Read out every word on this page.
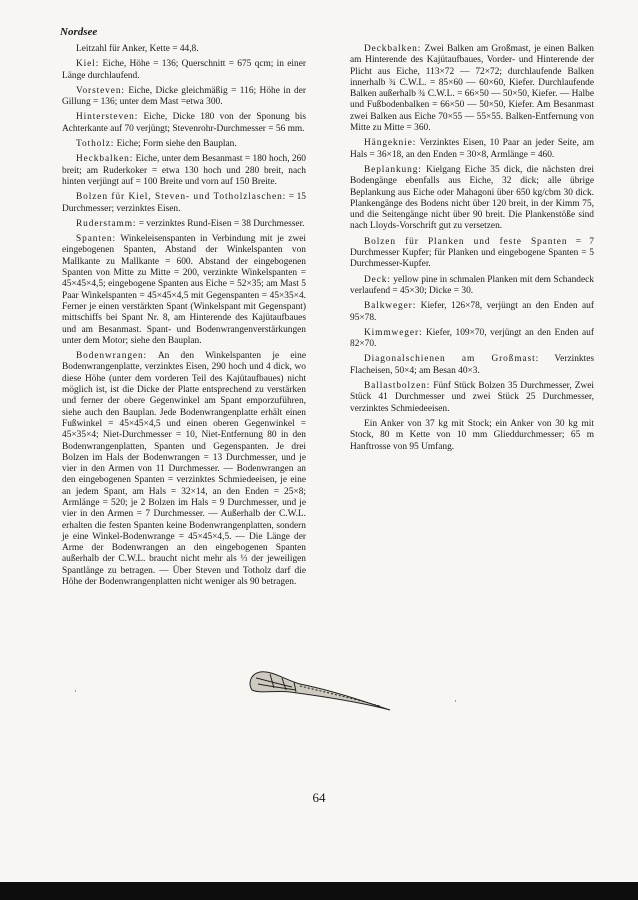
Nordsee

Leitzahl für Anker, Kette = 44,8.

Kiel: Eiche, Höhe = 136; Querschnitt = 675 qcm; in einer Länge durchlaufend.

Vorsteven: Eiche, Dicke gleichmäßig = 116; Höhe in der Gillung = 136; unter dem Mast =etwa 300.

Hintersteven: Eiche, Dicke 180 von der Sponung bis Achterkante auf 70 verjüngt; Stevenrohr-Durchmesser = 56 mm.

Totholz: Eiche; Form siehe den Bauplan.

Heckbalken: Eiche, unter dem Besanmast = 180 hoch, 260 breit; am Ruderkoker = etwa 130 hoch und 280 breit, nach hinten verjüngt auf = 100 Breite und vorn auf 150 Breite.

Bolzen für Kiel, Steven- und Totholzlaschen: = 15 Durchmesser; verzinktes Eisen.

Ruderstamm: = verzinktes Rund-Eisen = 38 Durchmesser.

Spanten: Winkeleisenspanten in Verbindung mit je zwei eingebogenen Spanten, Abstand der Winkelspanten von Mallkante zu Mallkante = 600. Abstand der eingebogenen Spanten von Mitte zu Mitte = 200, verzinkte Winkelspanten = 45×45×4,5; eingebogene Spanten aus Eiche = 52×35; am Mast 5 Paar Winkelspanten = 45×45×4,5 mit Gegenspanten = 45×35×4. Ferner je einen verstärkten Spant (Winkelspant mit Gegenspant) mittschiffs bei Spant Nr. 8, am Hinterende des Kajütaufbaues und am Besanmast. Spant- und Bodenwrangenverstärkungen unter dem Motor; siehe den Bauplan.

Bodenwrangen: An den Winkelspanten je eine Bodenwrangenplatte, verzinktes Eisen, 290 hoch und 4 dick, wo diese Höhe (unter dem vorderen Teil des Kajütaufbaues) nicht möglich ist, ist die Dicke der Platte entsprechend zu verstärken und ferner der obere Gegenwinkel am Spant emporzuführen, siehe auch den Bauplan. Jede Bodenwrangenplatte erhält einen Fußwinkel = 45×45×4,5 und einen oberen Gegenwinkel = 45×35×4; Niet-Durchmesser = 10, Niet-Entfernung 80 in den Bodenwrangenplatten, Spanten und Gegenspanten. Je drei Bolzen im Hals der Bodenwrangen = 13 Durchmesser, und je vier in den Armen von 11 Durchmesser. — Bodenwrangen an den eingebogenen Spanten = verzinktes Schmiedeeisen, je eine an jedem Spant, am Hals = 32×14, an den Enden = 25×8; Armlänge = 520; je 2 Bolzen im Hals = 9 Durchmesser, und je vier in den Armen = 7 Durchmesser. — Außerhalb der C.W.L. erhalten die festen Spanten keine Bodenwrangenplatten, sondern je eine Winkel-Bodenwrange = 45×45×4,5. — Die Länge der Arme der Bodenwrangen an den eingebogenen Spanten außerhalb der C.W.L. braucht nicht mehr als ⅓ der jeweiligen Spantlänge zu betragen. — Über Steven und Totholz darf die Höhe der Bodenwrangenplatten nicht weniger als 90 betragen.

Deckbalken: Zwei Balken am Großmast, je einen Balken am Hinterende des Kajütaufbaues, Vorder- und Hinterende der Plicht aus Eiche, 113×72 — 72×72; durchlaufende Balken innerhalb ¾ C.W.L. = 85×60 — 60×60, Kiefer. Durchlaufende Balken außerhalb ¾ C.W.L. = 66×50 — 50×50, Kiefer. — Halbe und Fußbodenbalken = 66×50 — 50×50, Kiefer. Am Besanmast zwei Balken aus Eiche 70×55 — 55×55. Balken-Entfernung von Mitte zu Mitte = 360.

Hängeknie: Verzinktes Eisen, 10 Paar an jeder Seite, am Hals = 36×18, an den Enden = 30×8, Armlänge = 460.

Beplankung: Kielgang Eiche 35 dick, die nächsten drei Bodengänge ebenfalls aus Eiche, 32 dick; alle übrige Beplankung aus Eiche oder Mahagoni über 650 kg/cbm 30 dick. Plankengänge des Bodens nicht über 120 breit, in der Kimm 75, und die Seitengänge nicht über 90 breit. Die Plankenstöße sind nach Lloyds-Vorschrift gut zu versetzen.

Bolzen für Planken und feste Spanten = 7 Durchmesser Kupfer; für Planken und eingebogene Spanten = 5 Durchmesser-Kupfer.

Deck: yellow pine in schmalen Planken mit dem Schandeck verlaufend = 45×30; Dicke = 30.

Balkweger: Kiefer, 126×78, verjüngt an den Enden auf 95×78.

Kimmweger: Kiefer, 109×70, verjüngt an den Enden auf 82×70.

Diagonalschienen am Großmast: Verzinktes Flacheisen, 50×4; am Besan 40×3.

Ballastbolzen: Fünf Stück Bolzen 35 Durchmesser, Zwei Stück 41 Durchmesser und zwei Stück 25 Durchmesser, verzinktes Schmiedeeisen.

Ein Anker von 37 kg mit Stock; ein Anker von 30 kg mit Stock, 80 m Kette von 10 mm Glieddurchmesser; 65 m Hanftrosse von 95 Umfang.

·
·
64
